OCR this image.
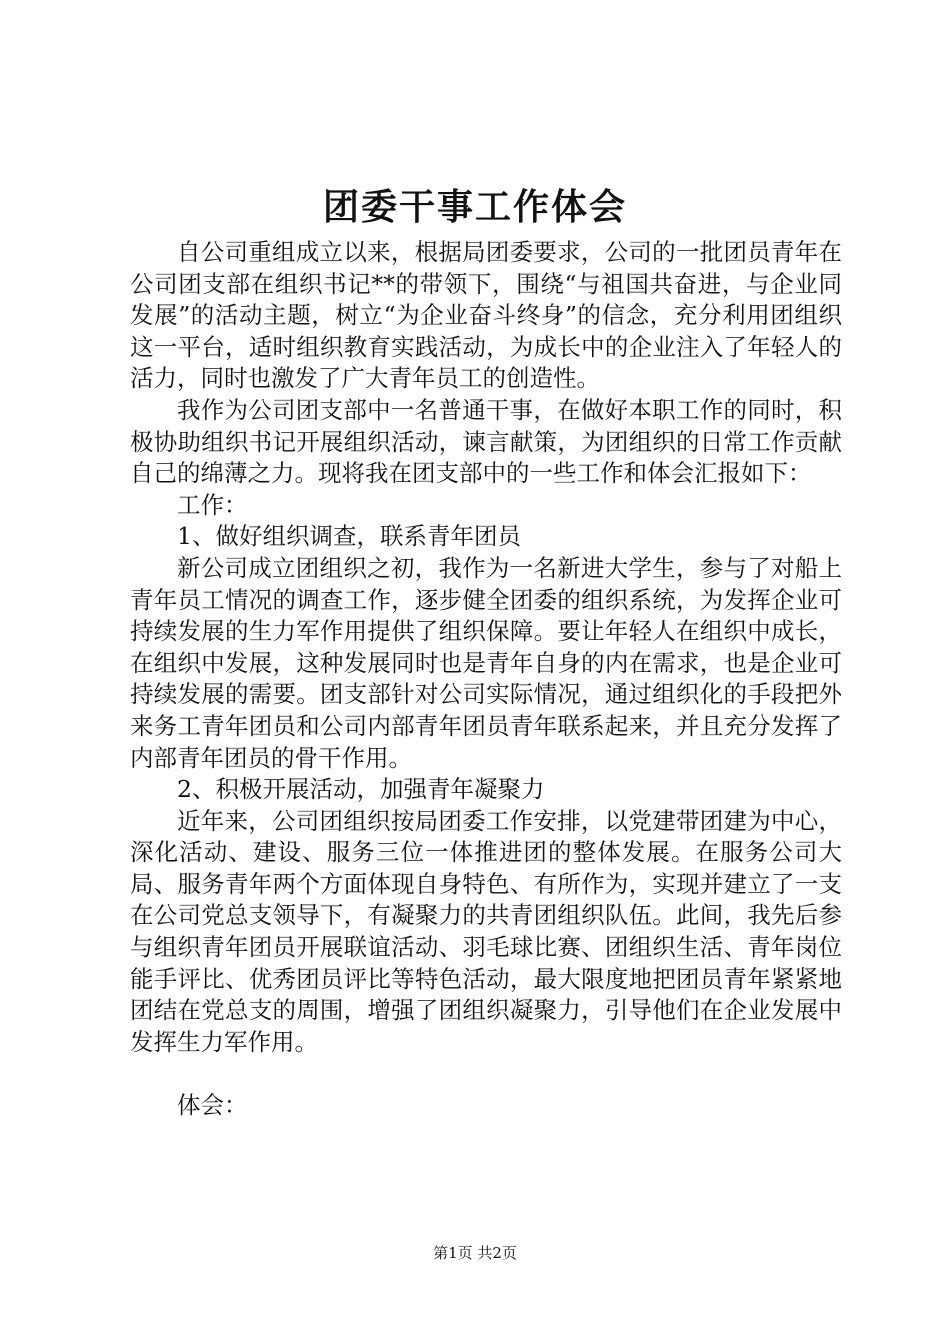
团委干事工作体会

自公司重组成立以来，根据局团委要求，公司的一批团员青年在公司团支部在组织书记**的带领下，围绕“与祖国共奋进，与企业同发展”的活动主题，树立“为企业奋斗终身”的信念，充分利用团组织这一平台，适时组织教育实践活动，为成长中的企业注入了年轻人的活力，同时也激发了广大青年员工的创造性。

我作为公司团支部中一名普通干事，在做好本职工作的同时，积极协助组织书记开展组织活动，谏言献策，为团组织的日常工作贡献自己的绵薄之力。现将我在团支部中的一些工作和体会汇报如下：

工作：

1、做好组织调查，联系青年团员

新公司成立团组织之初，我作为一名新进大学生，参与了对船上青年员工情况的调查工作，逐步健全团委的组织系统，为发挥企业可持续发展的生力军作用提供了组织保障。要让年轻人在组织中成长，在组织中发展，这种发展同时也是青年自身的内在需求，也是企业可持续发展的需要。团支部针对公司实际情况，通过组织化的手段把外来务工青年团员和公司内部青年团员青年联系起来，并且充分发挥了内部青年团员的骨干作用。

2、积极开展活动，加强青年凝聚力

近年来，公司团组织按局团委工作安排，以党建带团建为中心，深化活动、建设、服务三位一体推进团的整体发展。在服务公司大局、服务青年两个方面体现自身特色、有所作为，实现并建立了一支在公司党总支领导下，有凝聚力的共青团组织队伍。此间，我先后参与组织青年团员开展联谊活动、羽毛球比赛、团组织生活、青年岗位能手评比、优秀团员评比等特色活动，最大限度地把团员青年紧紧地团结在党总支的周围，增强了团组织凝聚力，引导他们在企业发展中发挥生力军作用。

体会：

第1页 共2页
